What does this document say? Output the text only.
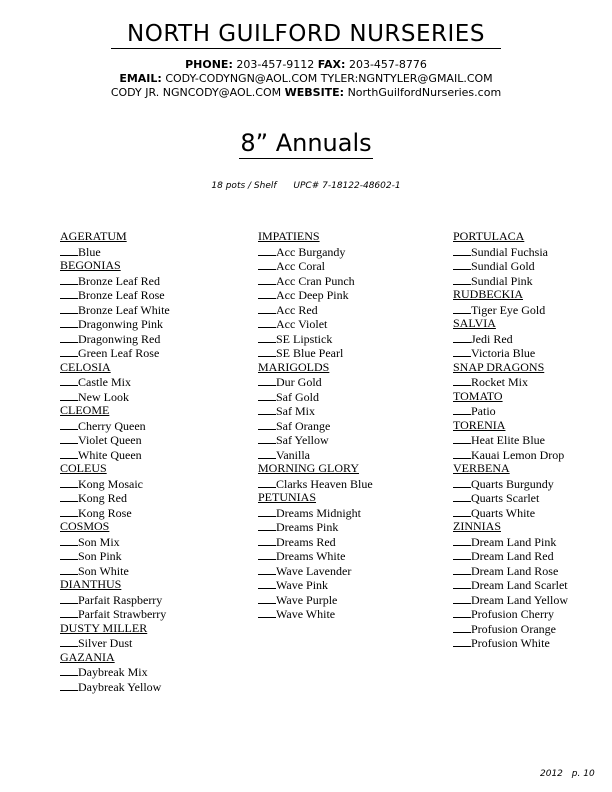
NORTH GUILFORD NURSERIES
PHONE: 203-457-9112 FAX: 203-457-8776
EMAIL: CODY-CODYNGN@AOL.COM TYLER:NGNTYLER@GMAIL.COM
CODY JR. NGNCODY@AOL.COM WEBSITE: NorthGuilfordNurseries.com
8” Annuals
18 pots / Shelf UPC# 7-18122-48602-1
AGERATUM
Blue
BEGONIAS
Bronze Leaf Red
Bronze Leaf Rose
Bronze Leaf White
Dragonwing Pink
Dragonwing Red
Green Leaf Rose
CELOSIA
Castle Mix
New Look
CLEOME
Cherry Queen
Violet Queen
White Queen
COLEUS
Kong Mosaic
Kong Red
Kong Rose
COSMOS
Son Mix
Son Pink
Son White
DIANTHUS
Parfait Raspberry
Parfait Strawberry
DUSTY MILLER
Silver Dust
GAZANIA
Daybreak Mix
Daybreak Yellow
IMPATIENS
Acc Burgandy
Acc Coral
Acc Cran Punch
Acc Deep Pink
Acc Red
Acc Violet
SE Lipstick
SE Blue Pearl
MARIGOLDS
Dur Gold
Saf Gold
Saf Mix
Saf Orange
Saf Yellow
Vanilla
MORNING GLORY
Clarks Heaven Blue
PETUNIAS
Dreams Midnight
Dreams Pink
Dreams Red
Dreams White
Wave Lavender
Wave Pink
Wave Purple
Wave White
PORTULACA
Sundial Fuchsia
Sundial Gold
Sundial Pink
RUDBECKIA
Tiger Eye Gold
SALVIA
Jedi Red
Victoria Blue
SNAP DRAGONS
Rocket Mix
TOMATO
Patio
TORENIA
Heat Elite Blue
Kauai Lemon Drop
VERBENA
Quarts Burgundy
Quarts Scarlet
Quarts White
ZINNIAS
Dream Land Pink
Dream Land Red
Dream Land Rose
Dream Land Scarlet
Dream Land Yellow
Profusion Cherry
Profusion Orange
Profusion White
2012 p. 10
